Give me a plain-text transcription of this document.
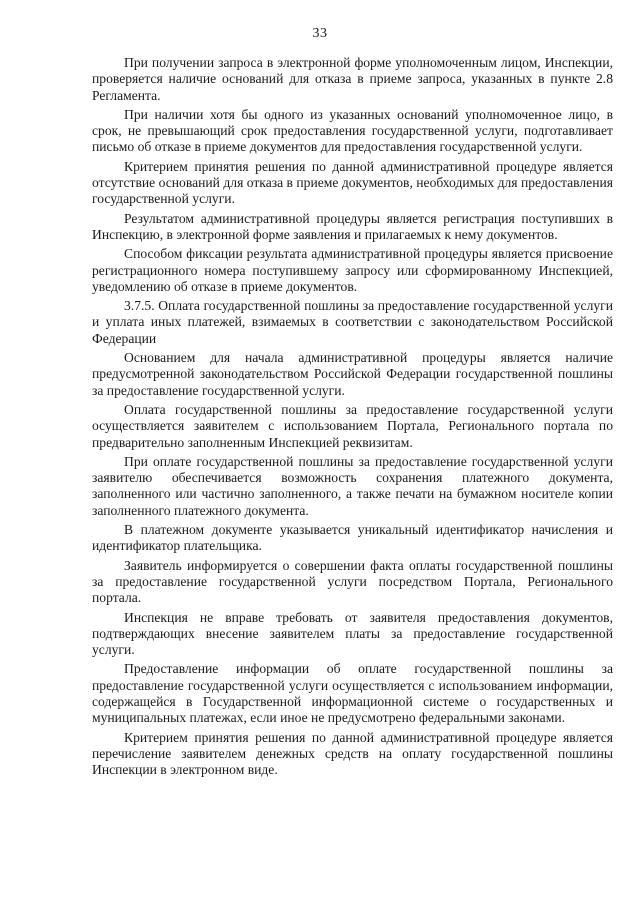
33

При получении запроса в электронной форме уполномоченным лицом, Инспекции, проверяется наличие оснований для отказа в приеме запроса, указанных в пункте 2.8 Регламента.

При наличии хотя бы одного из указанных оснований уполномоченное лицо, в срок, не превышающий срок предоставления государственной услуги, подготавливает письмо об отказе в приеме документов для предоставления государственной услуги.

Критерием принятия решения по данной административной процедуре является отсутствие оснований для отказа в приеме документов, необходимых для предоставления государственной услуги.

Результатом административной процедуры является регистрация поступивших в Инспекцию, в электронной форме заявления и прилагаемых к нему документов.

Способом фиксации результата административной процедуры является присвоение регистрационного номера поступившему запросу или сформированному Инспекцией, уведомлению об отказе в приеме документов.

3.7.5. Оплата государственной пошлины за предоставление государственной услуги и уплата иных платежей, взимаемых в соответствии с законодательством Российской Федерации

Основанием для начала административной процедуры является наличие предусмотренной законодательством Российской Федерации государственной пошлины за предоставление государственной услуги.

Оплата государственной пошлины за предоставление государственной услуги осуществляется заявителем с использованием Портала, Регионального портала по предварительно заполненным Инспекцией реквизитам.

При оплате государственной пошлины за предоставление государственной услуги заявителю обеспечивается возможность сохранения платежного документа, заполненного или частично заполненного, а также печати на бумажном носителе копии заполненного платежного документа.

В платежном документе указывается уникальный идентификатор начисления и идентификатор плательщика.

Заявитель информируется о совершении факта оплаты государственной пошлины за предоставление государственной услуги посредством Портала, Регионального портала.

Инспекция не вправе требовать от заявителя предоставления документов, подтверждающих внесение заявителем платы за предоставление государственной услуги.

Предоставление информации об оплате государственной пошлины за предоставление государственной услуги осуществляется с использованием информации, содержащейся в Государственной информационной системе о государственных и муниципальных платежах, если иное не предусмотрено федеральными законами.

Критерием принятия решения по данной административной процедуре является перечисление заявителем денежных средств на оплату государственной пошлины Инспекции в электронном виде.
